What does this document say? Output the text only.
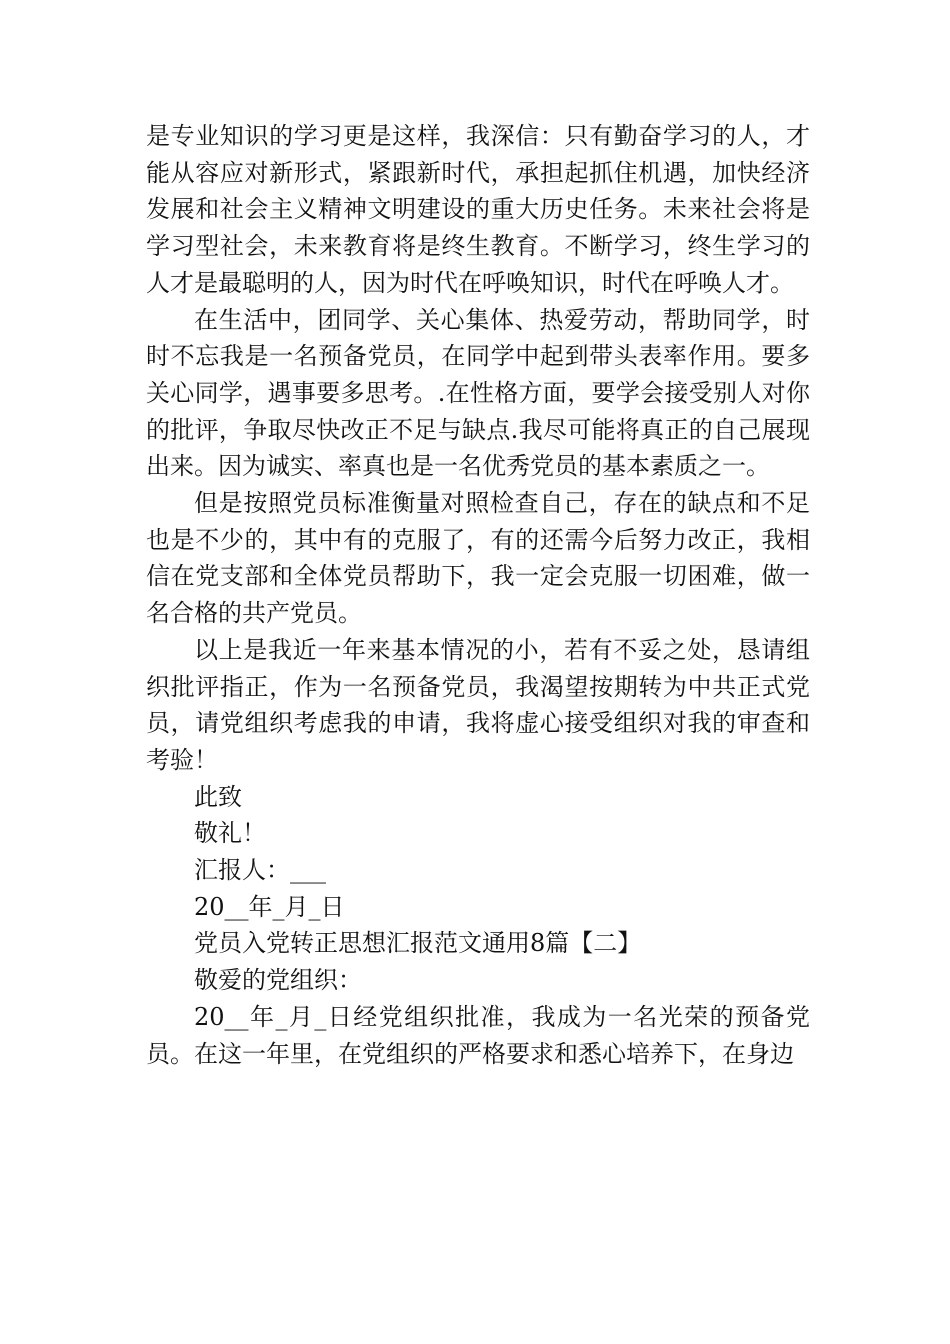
是专业知识的学习更是这样，我深信：只有勤奋学习的人，才能从容应对新形式，紧跟新时代，承担起抓住机遇，加快经济发展和社会主义精神文明建设的重大历史任务。未来社会将是学习型社会，未来教育将是终生教育。不断学习，终生学习的人才是最聪明的人，因为时代在呼唤知识，时代在呼唤人才。

在生活中，团同学、关心集体、热爱劳动，帮助同学，时时不忘我是一名预备党员，在同学中起到带头表率作用。要多关心同学，遇事要多思考。.在性格方面，要学会接受别人对你的批评，争取尽快改正不足与缺点.我尽可能将真正的自己展现出来。因为诚实、率真也是一名优秀党员的基本素质之一。

但是按照党员标准衡量对照检查自己，存在的缺点和不足也是不少的，其中有的克服了，有的还需今后努力改正，我相信在党支部和全体党员帮助下，我一定会克服一切困难，做一名合格的共产党员。

以上是我近一年来基本情况的小，若有不妥之处，恳请组织批评指正，作为一名预备党员，我渴望按期转为中共正式党员，请党组织考虑我的申请，我将虚心接受组织对我的审查和考验！

此致

敬礼！

汇报人：___

20__年_月_日

党员入党转正思想汇报范文通用8篇【二】

敬爱的党组织：

20__年_月_日经党组织批准，我成为一名光荣的预备党员。在这一年里，在党组织的严格要求和悉心培养下，在身边
